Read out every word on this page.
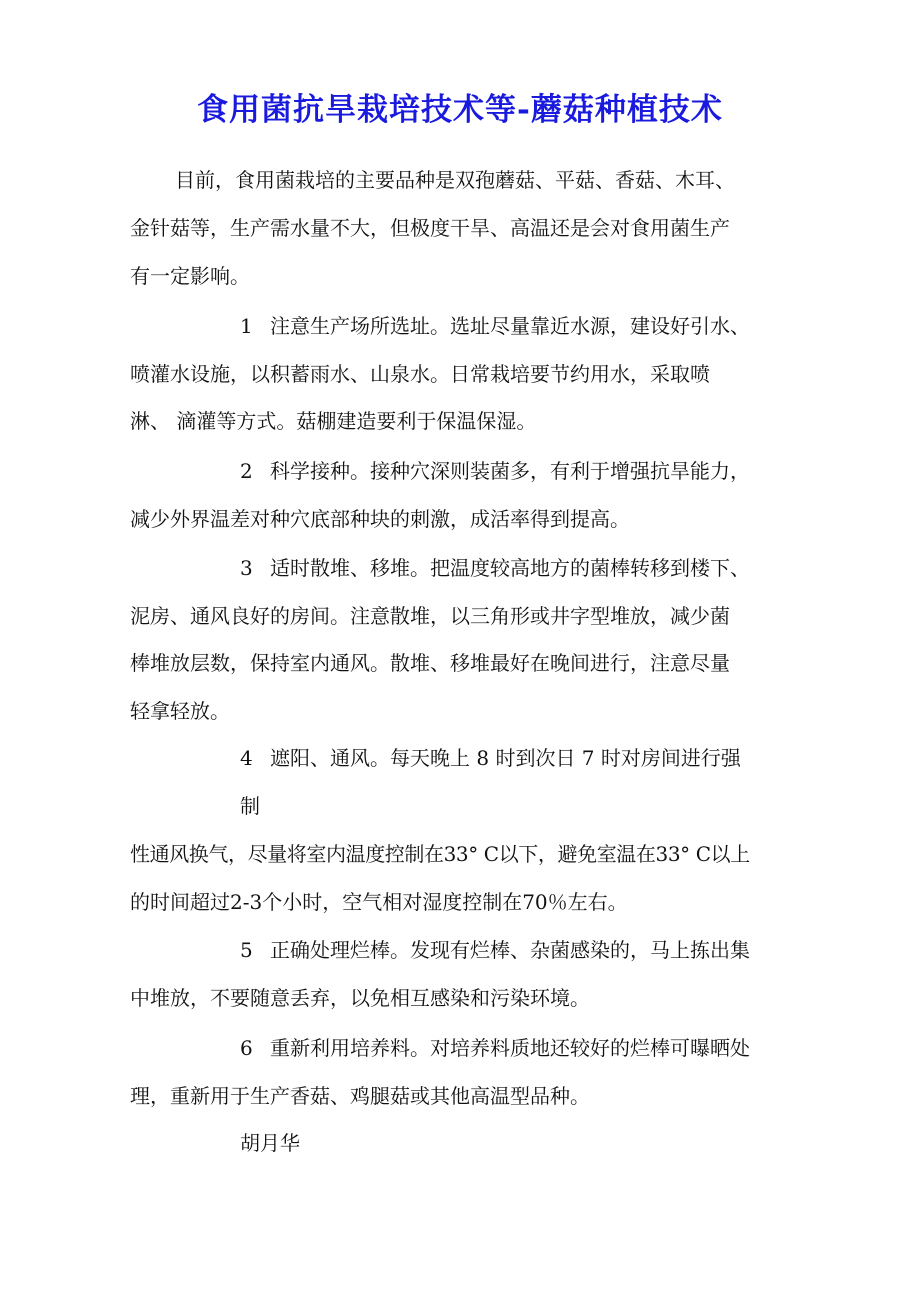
食用菌抗旱栽培技术等-蘑菇种植技术
目前，食用菌栽培的主要品种是双孢蘑菇、平菇、香菇、木耳、
金针菇等，生产需水量不大，但极度干旱、高温还是会对食用菌生产
有一定影响。
1 注意生产场所选址。选址尽量靠近水源，建设好引水、
喷灌水设施，以积蓄雨水、山泉水。日常栽培要节约用水，采取喷
淋、 滴灌等方式。菇棚建造要利于保温保湿。
2 科学接种。接种穴深则装菌多，有利于增强抗旱能力，
减少外界温差对种穴底部种块的刺激，成活率得到提高。
3 适时散堆、移堆。把温度较高地方的菌棒转移到楼下、
泥房、通风良好的房间。注意散堆，以三角形或井字型堆放，减少菌
棒堆放层数，保持室内通风。散堆、移堆最好在晚间进行，注意尽量
轻拿轻放。
4 遮阳、通风。每天晚上 8 时到次日 7 时对房间进行强
制
性通风换气，尽量将室内温度控制在33° C以下，避免室温在33° C以上
的时间超过2-3个小时，空气相对湿度控制在70％左右。
5 正确处理烂棒。发现有烂棒、杂菌感染的，马上拣出集
中堆放，不要随意丢弃，以免相互感染和污染环境。
6 重新利用培养料。对培养料质地还较好的烂棒可曝晒处
理，重新用于生产香菇、鸡腿菇或其他高温型品种。
胡月华
